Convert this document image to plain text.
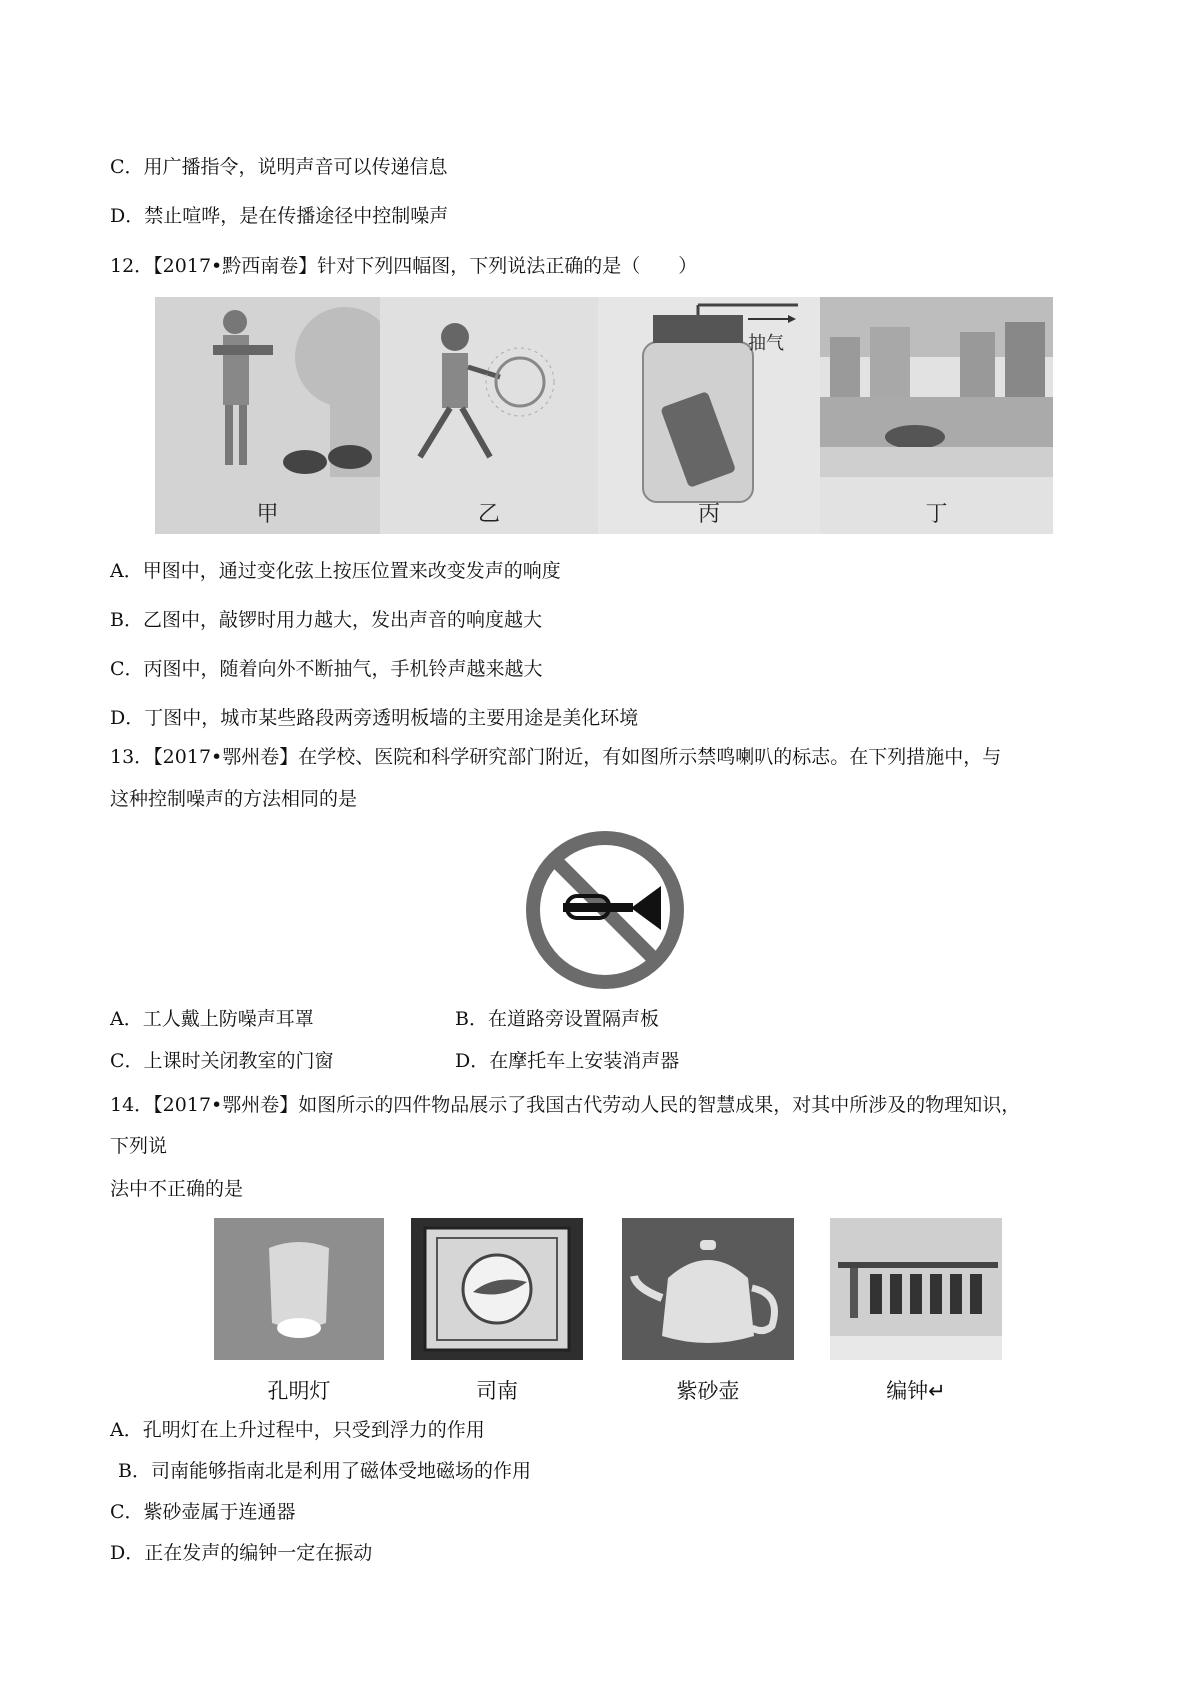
C．用广播指令，说明声音可以传递信息
D．禁止喧哗，是在传播途径中控制噪声
12．【2017•黔西南卷】针对下列四幅图，下列说法正确的是（　　）
甲	乙
抽气
丙	丁
A．甲图中，通过变化弦上按压位置来改变发声的响度
B．乙图中，敲锣时用力越大，发出声音的响度越大
C．丙图中，随着向外不断抽气，手机铃声越来越大
D．丁图中，城市某些路段两旁透明板墙的主要用途是美化环境
13．【2017•鄂州卷】在学校、医院和科学研究部门附近，有如图所示禁鸣喇叭的标志。在下列措施中，与
这种控制噪声的方法相同的是
A．工人戴上防噪声耳罩	B．在道路旁设置隔声板
C．上课时关闭教室的门窗	D．在摩托车上安装消声器
14．【2017•鄂州卷】如图所示的四件物品展示了我国古代劳动人民的智慧成果，对其中所涉及的物理知识，
下列说
法中不正确的是
孔明灯	司南	紫砂壶	编钟↵
A．孔明灯在上升过程中，只受到浮力的作用
B．司南能够指南北是利用了磁体受地磁场的作用
C．紫砂壶属于连通器
D．正在发声的编钟一定在振动
